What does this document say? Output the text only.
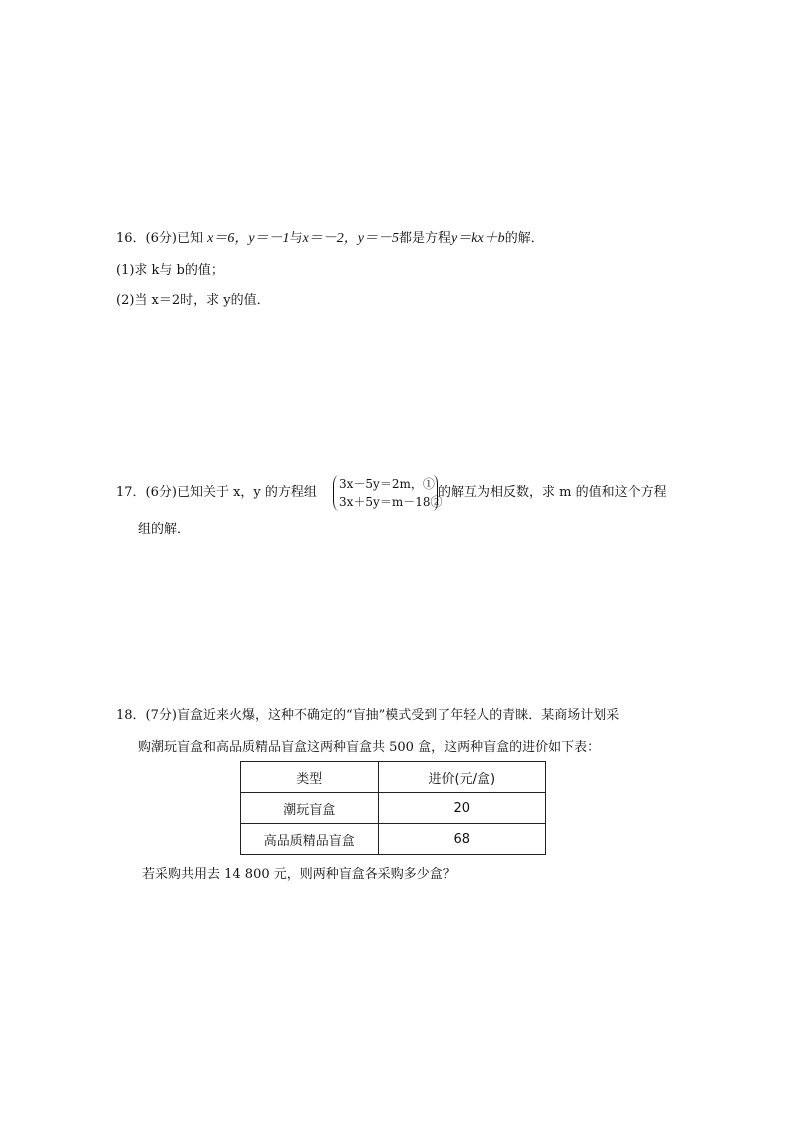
16．(6分)已知 x＝6，y＝－1与x＝－2，y＝－5都是方程y＝kx＋b的解．
(1)求 k与 b的值；
(2)当 x＝2时，求 y的值．
17．(6分)已知关于 x，y 的方程组
3x－5y＝2m，①
3x＋5y＝m－18②
的解互为相反数，求 m 的值和这个方程
组的解．
18．(7分)盲盒近来火爆，这种不确定的“盲抽”模式受到了年轻人的青睐．某商场计划采
购潮玩盲盒和高品质精品盲盒这两种盲盒共 500 盒，这两种盲盒的进价如下表：
类型	进价(元/盒)
潮玩盲盒	20
高品质精品盲盒	68
若采购共用去 14 800 元，则两种盲盒各采购多少盒？
